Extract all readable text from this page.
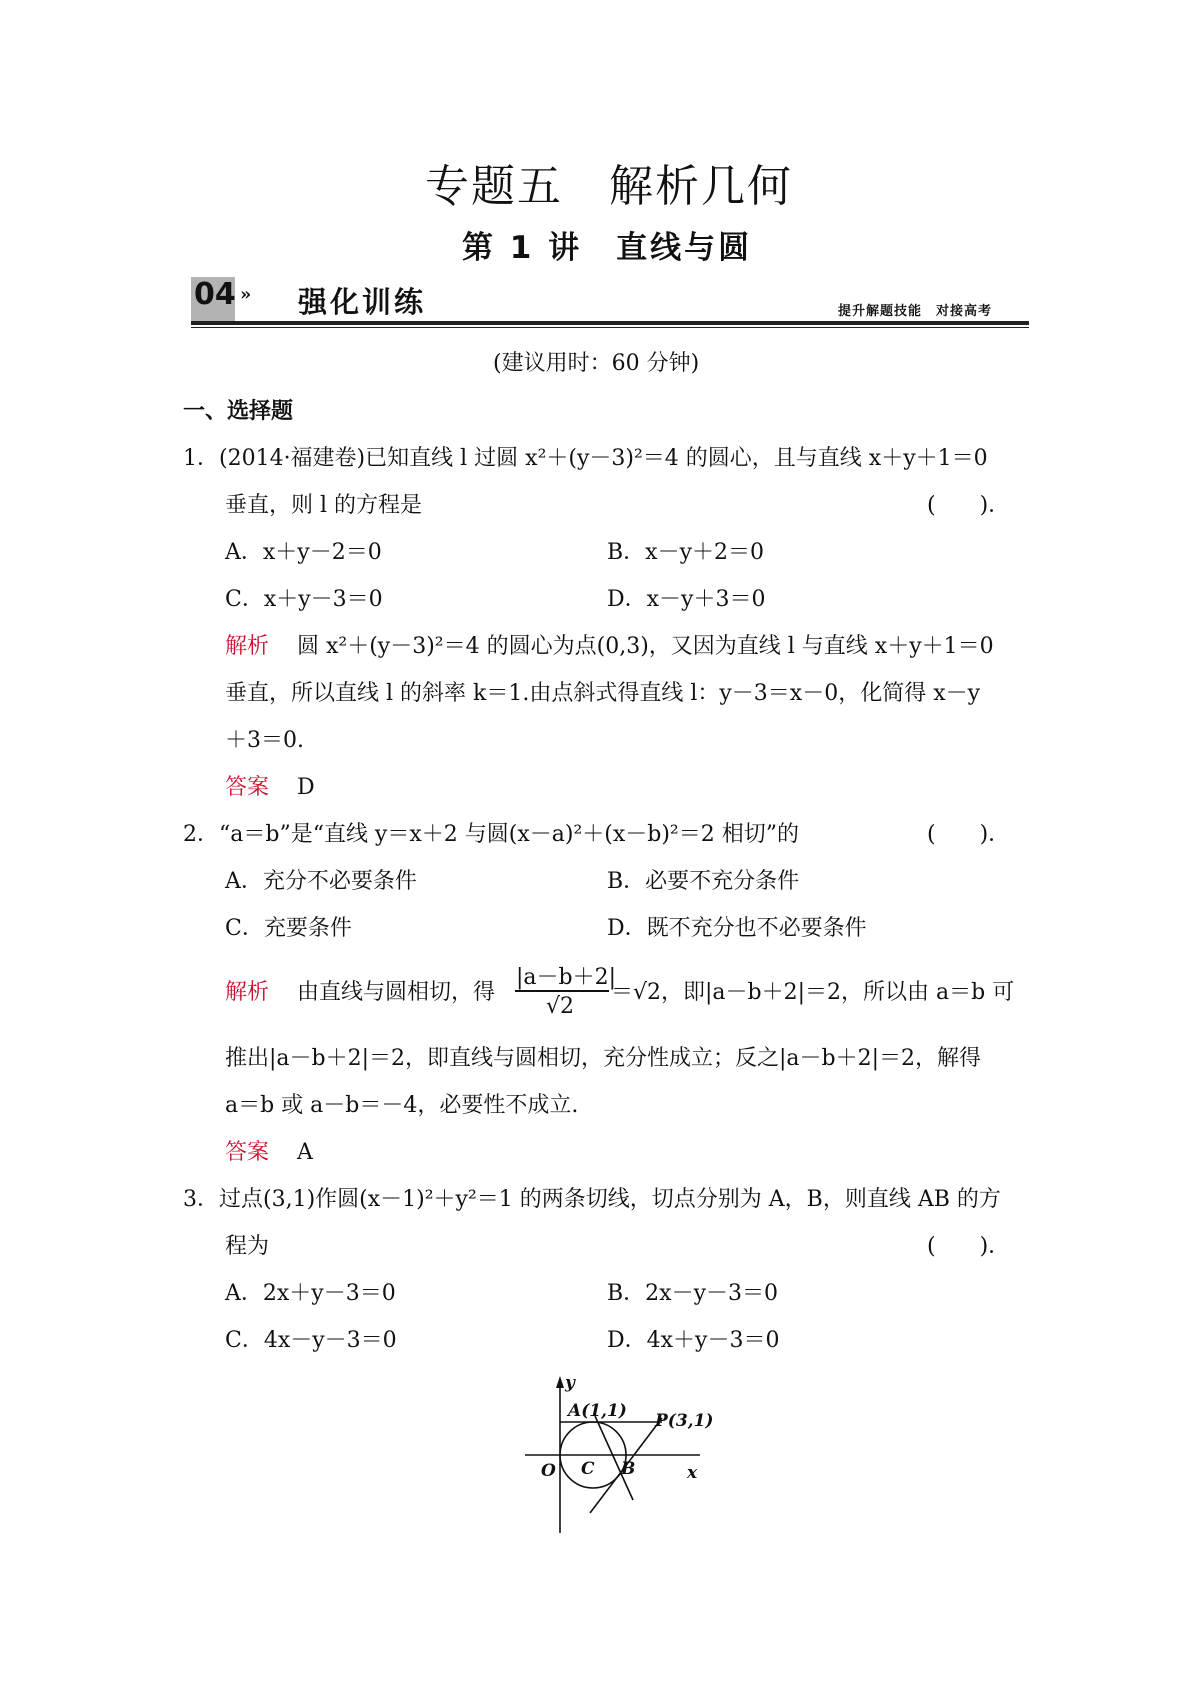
专题五　解析几何
第 1 讲　直线与圆
04 » 强化训练	提升解题技能　对接高考
(建议用时：60 分钟)
一、选择题
1．(2014·福建卷)已知直线 l 过圆 x²＋(y－3)²＝4 的圆心，且与直线 x＋y＋1＝0
垂直，则 l 的方程是	(　　)．
A．x＋y－2＝0	B．x－y＋2＝0
C．x＋y－3＝0	D．x－y＋3＝0
解析 圆 x²＋(y－3)²＝4 的圆心为点(0,3)，又因为直线 l 与直线 x＋y＋1＝0
垂直，所以直线 l 的斜率 k＝1.由点斜式得直线 l：y－3＝x－0，化简得 x－y
＋3＝0.
答案 D
2．“a＝b”是“直线 y＝x＋2 与圆(x－a)²＋(x－b)²＝2 相切”的	(　　)．
A．充分不必要条件	B．必要不充分条件
C．充要条件	D．既不充分也不必要条件
解析 由直线与圆相切，得
|a－b＋2|
√2
＝√2，即|a－b＋2|＝2，所以由 a＝b 可
推出|a－b＋2|＝2，即直线与圆相切，充分性成立；反之|a－b＋2|＝2，解得
a＝b 或 a－b＝－4，必要性不成立.
答案 A
3．过点(3,1)作圆(x－1)²＋y²＝1 的两条切线，切点分别为 A，B，则直线 AB 的方
程为	(　　)．
A．2x＋y－3＝0	B．2x－y－3＝0
C．4x－y－3＝0	D．4x＋y－3＝0
y
x
O C B
A(1,1) P(3,1)
